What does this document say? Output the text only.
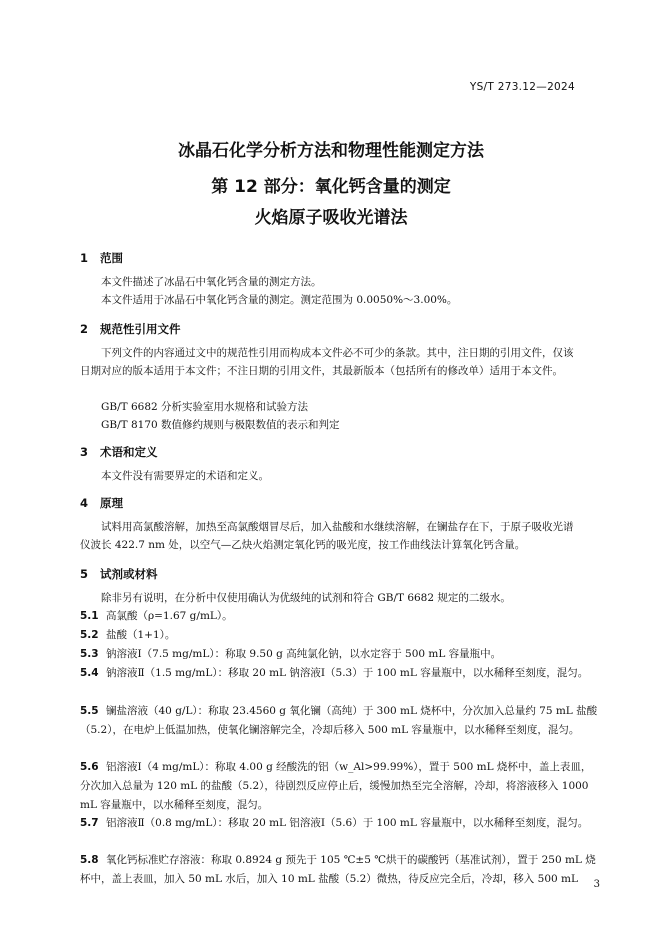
YS/T 273.12—2024
冰晶石化学分析方法和物理性能测定方法
第 12 部分：氧化钙含量的测定
火焰原子吸收光谱法
1 范围
本文件描述了冰晶石中氧化钙含量的测定方法。
本文件适用于冰晶石中氧化钙含量的测定。测定范围为 0.0050%～3.00%。
2 规范性引用文件
下列文件的内容通过文中的规范性引用而构成本文件必不可少的条款。其中，注日期的引用文件，仅该日期对应的版本适用于本文件；不注日期的引用文件，其最新版本（包括所有的修改单）适用于本文件。
GB/T 6682 分析实验室用水规格和试验方法
GB/T 8170 数值修约规则与极限数值的表示和判定
3 术语和定义
本文件没有需要界定的术语和定义。
4 原理
试料用高氯酸溶解，加热至高氯酸烟冒尽后，加入盐酸和水继续溶解，在镧盐存在下，于原子吸收光谱仪波长 422.7 nm 处，以空气—乙炔火焰测定氧化钙的吸光度，按工作曲线法计算氧化钙含量。
5 试剂或材料
除非另有说明，在分析中仅使用确认为优级纯的试剂和符合 GB/T 6682 规定的二级水。
5.1 高氯酸（ρ=1.67 g/mL）。
5.2 盐酸（1+1）。
5.3 钠溶液Ⅰ（7.5 mg/mL）：称取 9.50 g 高纯氯化钠，以水定容于 500 mL 容量瓶中。
5.4 钠溶液Ⅱ（1.5 mg/mL）：移取 20 mL 钠溶液Ⅰ（5.3）于 100 mL 容量瓶中，以水稀释至刻度，混匀。
5.5 镧盐溶液（40 g/L）：称取 23.4560 g 氧化镧（高纯）于 300 mL 烧杯中，分次加入总量约 75 mL 盐酸（5.2），在电炉上低温加热，使氧化镧溶解完全，冷却后移入 500 mL 容量瓶中，以水稀释至刻度，混匀。
5.6 铝溶液Ⅰ（4 mg/mL）：称取 4.00 g 经酸洗的铝（w_Al>99.99%），置于 500 mL 烧杯中，盖上表皿，分次加入总量为 120 mL 的盐酸（5.2），待剧烈反应停止后，缓慢加热至完全溶解，冷却，将溶液移入 1000 mL 容量瓶中，以水稀释至刻度，混匀。
5.7 铝溶液Ⅱ（0.8 mg/mL）：移取 20 mL 铝溶液Ⅰ（5.6）于 100 mL 容量瓶中，以水稀释至刻度，混匀。
5.8 氧化钙标准贮存溶液：称取 0.8924 g 预先于 105 ℃±5 ℃烘干的碳酸钙（基准试剂），置于 250 mL 烧杯中，盖上表皿，加入 50 mL 水后，加入 10 mL 盐酸（5.2）微热，待反应完全后，冷却，移入 500 mL	3
